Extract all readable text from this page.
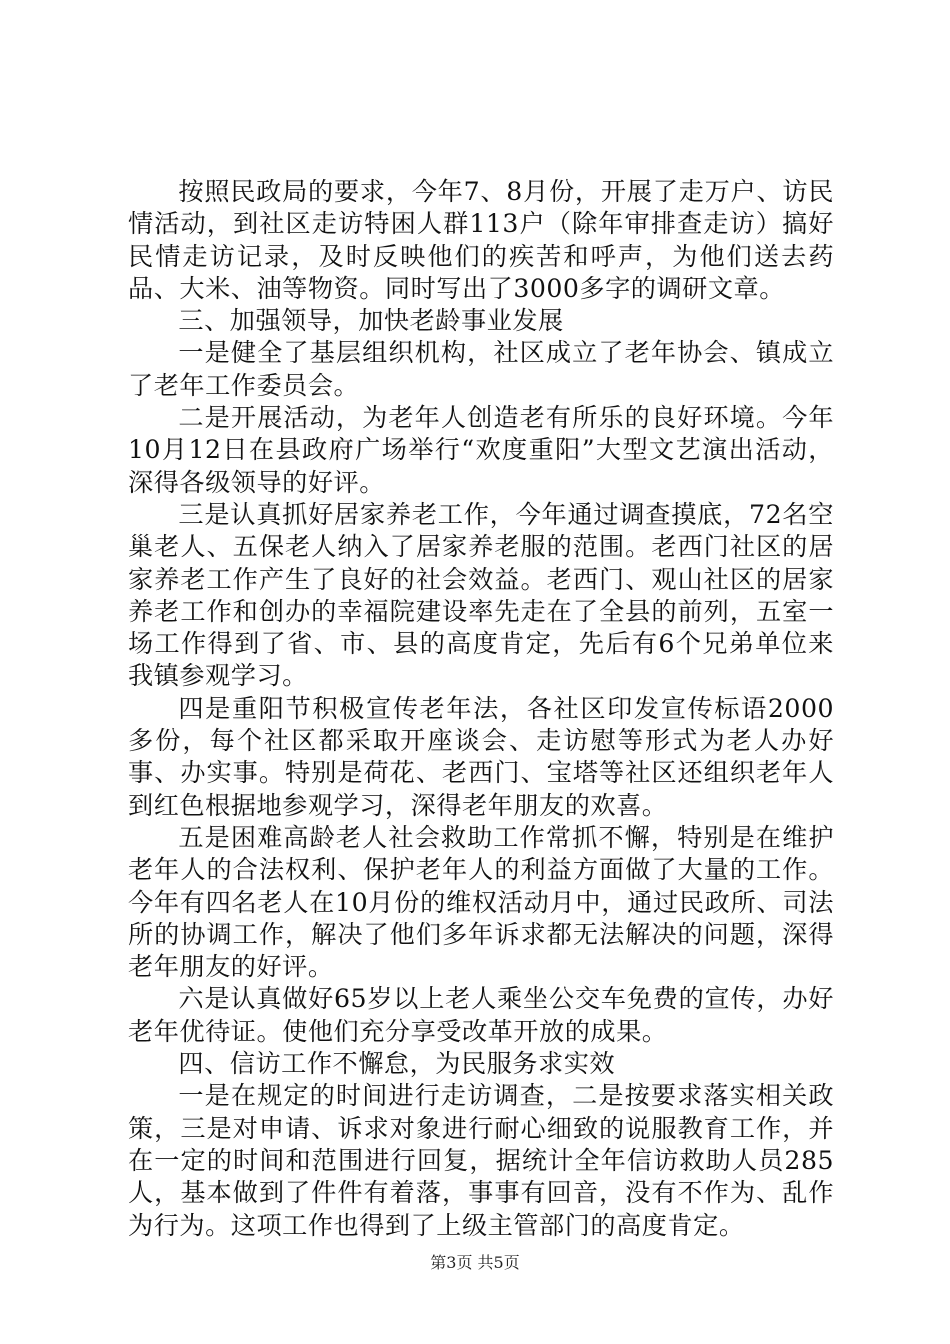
按照民政局的要求，今年7、8月份，开展了走万户、访民情活动，到社区走访特困人群113户（除年审排查走访）搞好民情走访记录，及时反映他们的疾苦和呼声，为他们送去药品、大米、油等物资。同时写出了3000多字的调研文章。

三、加强领导，加快老龄事业发展

一是健全了基层组织机构，社区成立了老年协会、镇成立了老年工作委员会。

二是开展活动，为老年人创造老有所乐的良好环境。今年10月12日在县政府广场举行“欢度重阳”大型文艺演出活动，深得各级领导的好评。

三是认真抓好居家养老工作，今年通过调查摸底，72名空巢老人、五保老人纳入了居家养老服的范围。老西门社区的居家养老工作产生了良好的社会效益。老西门、观山社区的居家养老工作和创办的幸福院建设率先走在了全县的前列，五室一场工作得到了省、市、县的高度肯定，先后有6个兄弟单位来我镇参观学习。

四是重阳节积极宣传老年法，各社区印发宣传标语2000多份，每个社区都采取开座谈会、走访慰等形式为老人办好事、办实事。特别是荷花、老西门、宝塔等社区还组织老年人到红色根据地参观学习，深得老年朋友的欢喜。

五是困难高龄老人社会救助工作常抓不懈，特别是在维护老年人的合法权利、保护老年人的利益方面做了大量的工作。今年有四名老人在10月份的维权活动月中，通过民政所、司法所的协调工作，解决了他们多年诉求都无法解决的问题，深得老年朋友的好评。

六是认真做好65岁以上老人乘坐公交车免费的宣传，办好老年优待证。使他们充分享受改革开放的成果。

四、信访工作不懈怠，为民服务求实效

一是在规定的时间进行走访调查，二是按要求落实相关政策，三是对申请、诉求对象进行耐心细致的说服教育工作，并在一定的时间和范围进行回复，据统计全年信访救助人员285人，基本做到了件件有着落，事事有回音，没有不作为、乱作为行为。这项工作也得到了上级主管部门的高度肯定。

第3页 共5页
